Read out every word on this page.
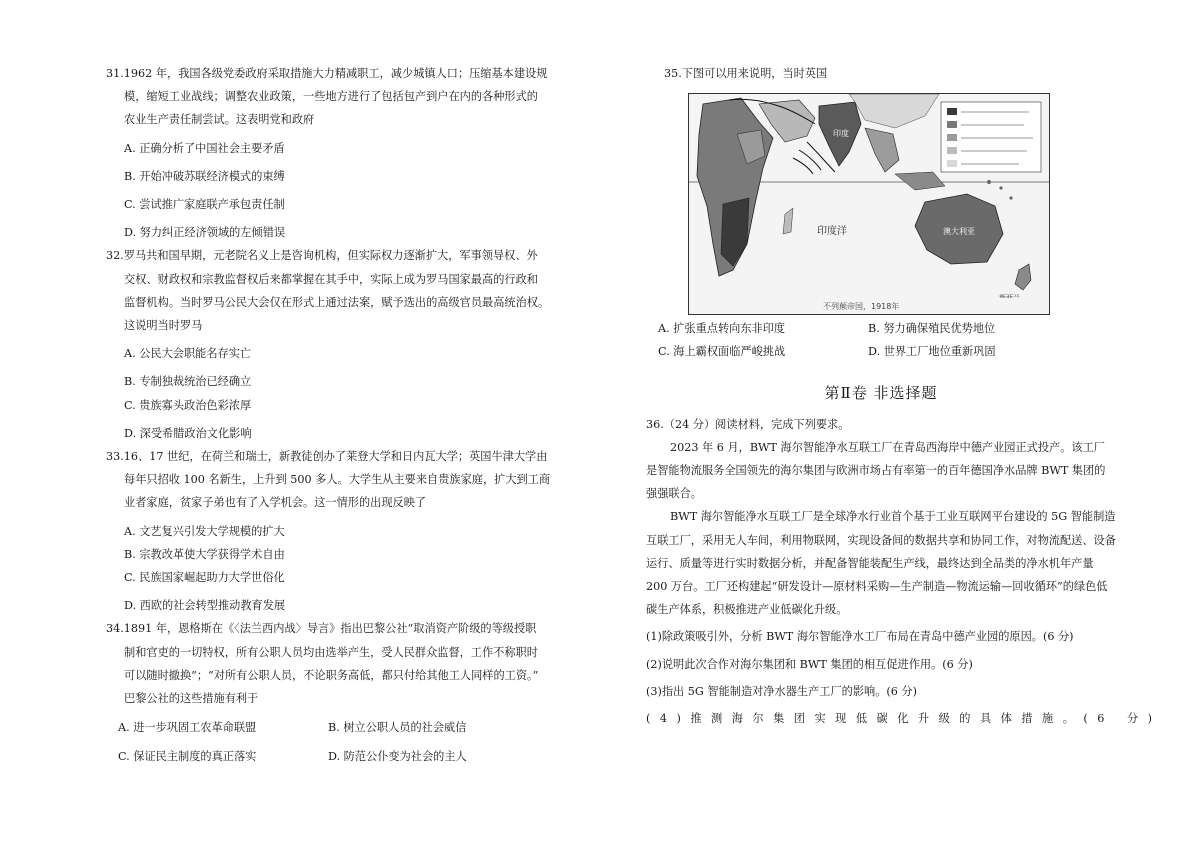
31.1962 年，我国各级党委政府采取措施大力精减职工，减少城镇人口；压缩基本建设规
模，缩短工业战线；调整农业政策，一些地方进行了包括包产到户在内的各种形式的
农业生产责任制尝试。这表明党和政府
A. 正确分析了中国社会主要矛盾
B. 开始冲破苏联经济模式的束缚
C. 尝试推广家庭联产承包责任制
D. 努力纠正经济领域的左倾错误
32.罗马共和国早期，元老院名义上是咨询机构，但实际权力逐渐扩大，军事领导权、外
交权、财政权和宗教监督权后来都掌握在其手中，实际上成为罗马国家最高的行政和
监督机构。当时罗马公民大会仅在形式上通过法案，赋予选出的高级官员最高统治权。
这说明当时罗马
A. 公民大会职能名存实亡
B. 专制独裁统治已经确立
C. 贵族寡头政治色彩浓厚
D. 深受希腊政治文化影响
33.16、17 世纪，在荷兰和瑞士，新教徒创办了莱登大学和日内瓦大学；英国牛津大学由
每年只招收 100 名新生，上升到 500 多人。大学生从主要来自贵族家庭，扩大到工商
业者家庭，贫家子弟也有了入学机会。这一情形的出现反映了
A. 文艺复兴引发大学规模的扩大
B. 宗教改革使大学获得学术自由
C. 民族国家崛起助力大学世俗化
D. 西欧的社会转型推动教育发展
34.1891 年，恩格斯在《〈法兰西内战〉导言》指出巴黎公社“取消资产阶级的等级授职
制和官吏的一切特权，所有公职人员均由选举产生，受人民群众监督，工作不称职时
可以随时撤换”；“对所有公职人员，不论职务高低，都只付给其他工人同样的工资。”
巴黎公社的这些措施有利于
A. 进一步巩固工农革命联盟	B. 树立公职人员的社会威信
C. 保证民主制度的真正落实	D. 防范公仆变为社会的主人
35.下图可以用来说明，当时英国
印度洋
印度
澳大利亚
不列颠帝国，1918年
A. 扩张重点转向东非印度	B. 努力确保殖民优势地位
C. 海上霸权面临严峻挑战	D. 世界工厂地位重新巩固
第Ⅱ卷 非选择题
36.（24 分）阅读材料，完成下列要求。
2023 年 6 月，BWT 海尔智能净水互联工厂在青岛西海岸中德产业园正式投产。该工厂是智能物流服务全国领先的海尔集团与欧洲市场占有率第一的百年德国净水品牌 BWT 集团的强强联合。
BWT 海尔智能净水互联工厂是全球净水行业首个基于工业互联网平台建设的 5G 智能制造互联工厂，采用无人车间，利用物联网，实现设备间的数据共享和协同工作，对物流配送、设备运行、质量等进行实时数据分析，并配备智能装配生产线，最终达到全品类的净水机年产量 200 万台。工厂还构建起“研发设计—原材料采购—生产制造—物流运输—回收循环”的绿色低碳生产体系，积极推进产业低碳化升级。
(1)除政策吸引外，分析 BWT 海尔智能净水工厂布局在青岛中德产业园的原因。(6 分)
(2)说明此次合作对海尔集团和 BWT 集团的相互促进作用。(6 分)
(3)指出 5G 智能制造对净水器生产工厂的影响。(6 分)
(4)推测海尔集团实现低碳化升级的具体措施。(6 分)
